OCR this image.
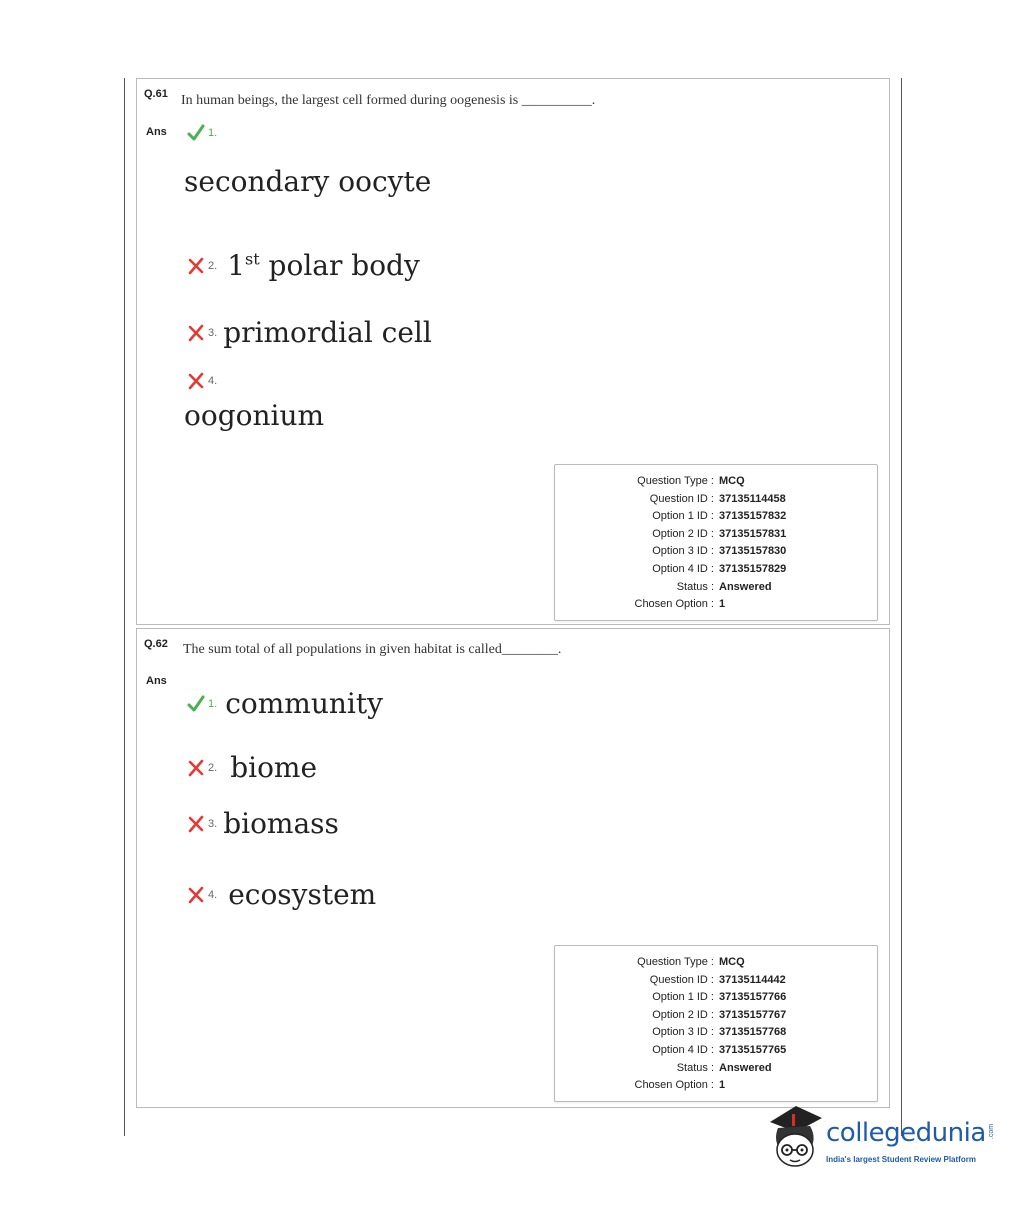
Q.61 In human beings, the largest cell formed during oogenesis is __________.
Ans	1.
secondary oocyte
2. 1st polar body
3. primordial cell
4.
oogonium
Question Type : MCQ
Question ID : 37135114458
Option 1 ID : 37135157832
Option 2 ID : 37135157831
Option 3 ID : 37135157830
Option 4 ID : 37135157829
Status : Answered
Chosen Option : 1
Q.62 The sum total of all populations in given habitat is called________.
Ans
1. community
2. biome
3. biomass
4. ecosystem
Question Type : MCQ
Question ID : 37135114442
Option 1 ID : 37135157766
Option 2 ID : 37135157767
Option 3 ID : 37135157768
Option 4 ID : 37135157765
Status : Answered
Chosen Option : 1
collegedunia .com
India's largest Student Review Platform
